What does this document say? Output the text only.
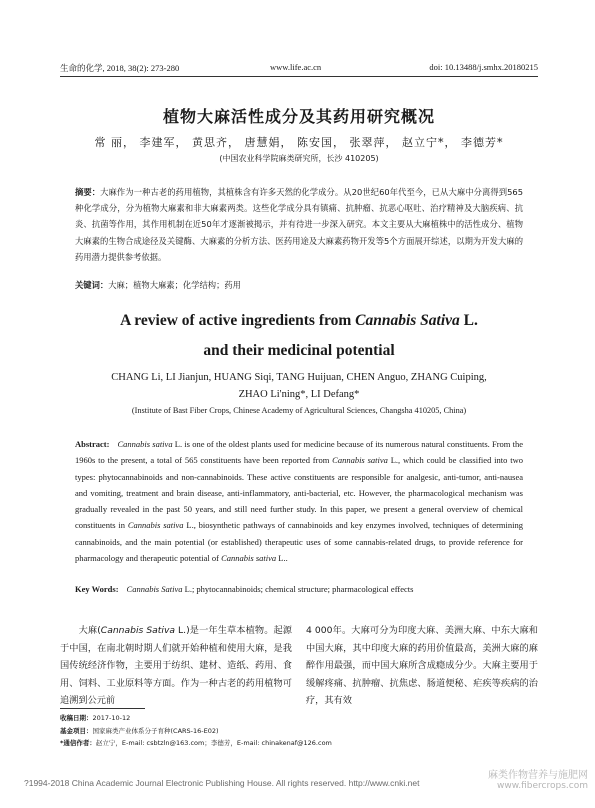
生命的化学, 2018, 38(2): 273-280	www.life.ac.cn	doi: 10.13488/j.smhx.20180215
植物大麻活性成分及其药用研究概况
常 丽， 李建军， 黄思齐， 唐慧娟， 陈安国， 张翠萍， 赵立宁*， 李德芳*
(中国农业科学院麻类研究所，长沙 410205)
摘要：大麻作为一种古老的药用植物，其植株含有许多天然的化学成分。从20世纪60年代至今，已从大麻中分离得到565种化学成分，分为植物大麻素和非大麻素两类。这些化学成分具有镇痛、抗肿瘤、抗恶心呕吐、治疗精神及大脑疾病、抗炎、抗菌等作用，其作用机制在近50年才逐渐被揭示，并有待进一步深入研究。本文主要从大麻植株中的活性成分、植物大麻素的生物合成途径及关键酶、大麻素的分析方法、医药用途及大麻素药物开发等5个方面展开综述，以期为开发大麻的药用潜力提供参考依据。
关键词：大麻；植物大麻素；化学结构；药用
A review of active ingredients from Cannabis Sativa L.
and their medicinal potential
CHANG Li, LI Jianjun, HUANG Siqi, TANG Huijuan, CHEN Anguo, ZHANG Cuiping,
ZHAO Li'ning*, LI Defang*
(Institute of Bast Fiber Crops, Chinese Academy of Agricultural Sciences, Changsha 410205, China)
Abstract: Cannabis sativa L. is one of the oldest plants used for medicine because of its numerous natural constituents. From the 1960s to the present, a total of 565 constituents have been reported from Cannabis sativa L., which could be classified into two types: phytocannabinoids and non-cannabinoids. These active constituents are responsible for analgesic, anti-tumor, anti-nausea and vomiting, treatment and brain disease, anti-inflammatory, anti-bacterial, etc. However, the pharmacological mechanism was gradually revealed in the past 50 years, and still need further study. In this paper, we present a general overview of chemical constituents in Cannabis sativa L., biosynthetic pathways of cannabinoids and key enzymes involved, techniques of determining cannabinoids, and the main potential (or established) therapeutic uses of some cannabis-related drugs, to provide reference for pharmacology and therapeutic potential of Cannabis sativa L..
Key Words: Cannabis Sativa L.; phytocannabinoids; chemical structure; pharmacological effects
　　大麻(Cannabis Sativa L.)是一年生草本植物。起源于中国，在南北朝时期人们就开始种植和使用大麻，是我国传统经济作物，主要用于纺织、建材、造纸、药用、食用、饲料、工业原料等方面。作为一种古老的药用植物可追溯到公元前
4 000年。大麻可分为印度大麻、美洲大麻、中东大麻和中国大麻，其中印度大麻的药用价值最高，美洲大麻的麻醉作用最强，而中国大麻所含成瘾成分少。大麻主要用于缓解疼痛、抗肿瘤、抗焦虑、肠道便秘、疟疾等疾病的治疗，其有效
收稿日期：2017-10-12
基金项目：国家麻类产业体系分子育种(CARS-16-E02)
*通信作者：赵立宁，E-mail: csbtzln@163.com；李德芳，E-mail: chinakenaf@126.com
?1994-2018 China Academic Journal Electronic Publishing House. All rights reserved. http://www.cnki.net
麻类作物营养与施肥网
www.fibercrops.com
